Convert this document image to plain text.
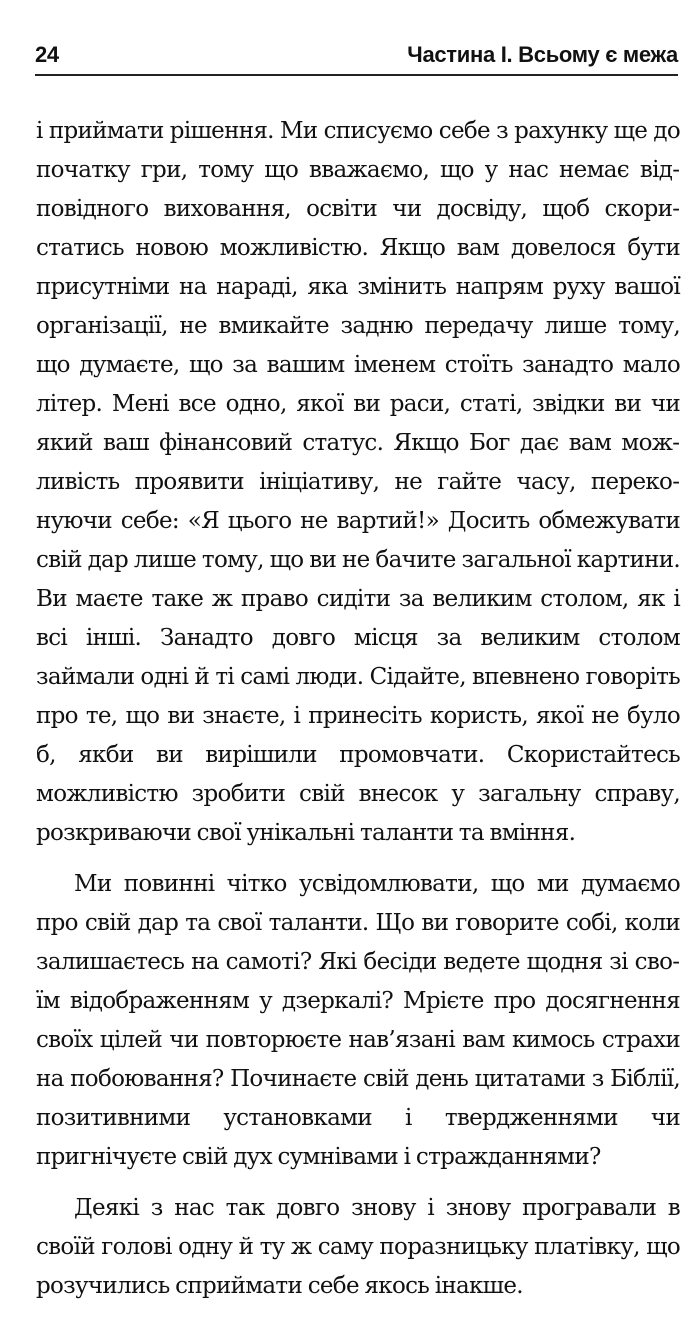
24	Частина I. Всьому є межа

і приймати рішення. Ми списуємо себе з рахунку ще до початку гри, тому що вважаємо, що у нас немає відповідного виховання, освіти чи досвіду, щоб скористатись новою можливістю. Якщо вам довелося бути присутніми на нараді, яка змінить напрям руху вашої організації, не вмикайте задню передачу лише тому, що думаєте, що за вашим іменем стоїть занадто мало літер. Мені все одно, якої ви раси, статі, звідки ви чи який ваш фінансовий статус. Якщо Бог дає вам можливість проявити ініціативу, не гайте часу, переконуючи себе: «Я цього не вартий!» Досить обмежувати свій дар лише тому, що ви не бачите загальної картини. Ви маєте таке ж право сидіти за великим столом, як і всі інші. Занадто довго місця за великим столом займали одні й ті самі люди. Сідайте, впевнено говоріть про те, що ви знаєте, і принесіть користь, якої не було б, якби ви вирішили промовчати. Скористайтесь можливістю зробити свій внесок у загальну справу, розкриваючи свої унікальні таланти та вміння.

Ми повинні чітко усвідомлювати, що ми думаємо про свій дар та свої таланти. Що ви говорите собі, коли залишаєтесь на самоті? Які бесіди ведете щодня зі своїм відображенням у дзеркалі? Мрієте про досягнення своїх цілей чи повторюєте нав’язані вам кимось страхи на побоювання? Починаєте свій день цитатами з Біблії, позитивними установками і твердженнями чи пригнічуєте свій дух сумнівами і стражданнями?

Деякі з нас так довго знову і знову програвали в своїй голові одну й ту ж саму поразницьку платівку, що розучились сприймати себе якось інакше.
